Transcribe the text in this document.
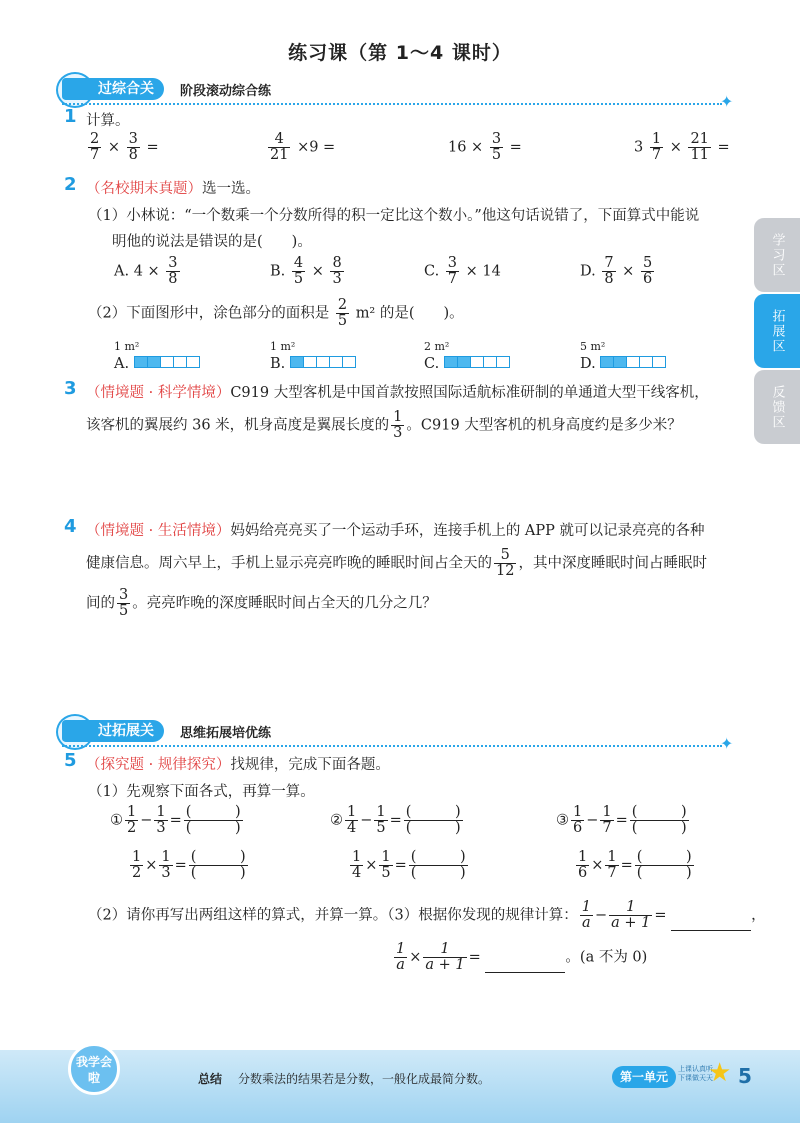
练习课（第 1～4 课时）
过综合关	阶段滚动综合练
✦
1 计算。
$\frac{2}{7} \times \frac{3}{8}$ =	$\frac{4}{21} \times 9$ =	$16 \times \frac{3}{5}$ =	$3 \frac{1}{7} \times \frac{21}{11}$ =
2 （名校期末真题）选一选。
（1）小林说：“一个数乘一个分数所得的积一定比这个数小。”他这句话说错了，下面算式中能说
明他的说法是错误的是(　　)。
A. $4 \times \frac{3}{8}$	B. $\frac{4}{5} \times \frac{8}{3}$	C. $\frac{3}{7} \times 14$	D. $\frac{7}{8} \times \frac{5}{6}$
（2）下面图形中，涂色部分的面积是 $\frac{2}{5} m^2$ 的是(　　)。
1 m²
A.
1 m²
B.
2 m²
C.
5 m²
D.
3 （情境题 · 科学情境）C919 大型客机是中国首款按照国际适航标准研制的单通道大型干线客机，
该客机的翼展约 36 米，机身高度是翼展长度的 $\frac{1}{3}$ 。C919 大型客机的机身高度约是多少米？
4 （情境题 · 生活情境）妈妈给亮亮买了一个运动手环，连接手机上的 APP 就可以记录亮亮的各种
健康信息。周六早上，手机上显示亮亮昨晚的睡眠时间占全天的 $\frac{5}{12}$ ，其中深度睡眠时间占睡眠时
间的 $\frac{3}{5}$ 。亮亮昨晚的深度睡眠时间占全天的几分之几？
过拓展关	思维拓展培优练
✦
5 （探究题 · 规律探究）找规律，完成下面各题。
（1）先观察下面各式，再算一算。
① $\frac{1}{2} - \frac{1}{3} = \frac{( )}{( )}$	② $\frac{1}{4} - \frac{1}{5} = \frac{( )}{( )}$	③ $\frac{1}{6} - \frac{1}{7} = \frac{( )}{( )}$
$\frac{1}{2} \times \frac{1}{3} = \frac{( )}{( )}$	$\frac{1}{4} \times \frac{1}{5} = \frac{( )}{( )}$	$\frac{1}{6} \times \frac{1}{7} = \frac{( )}{( )}$
（2）请你再写出两组这样的算式，并算一算。（3）根据你发现的规律计算： $\frac{1}{a} - \frac{1}{a + 1}$ =	，
$\frac{1}{a} \times \frac{1}{a + 1}$ =	。(a 不为 0)
学习区
拓展区
反馈区
我学会啦	总结 分数乘法的结果若是分数，一般化成最简分数。	第一单元
上课认真听
下课做天天
★ 5
